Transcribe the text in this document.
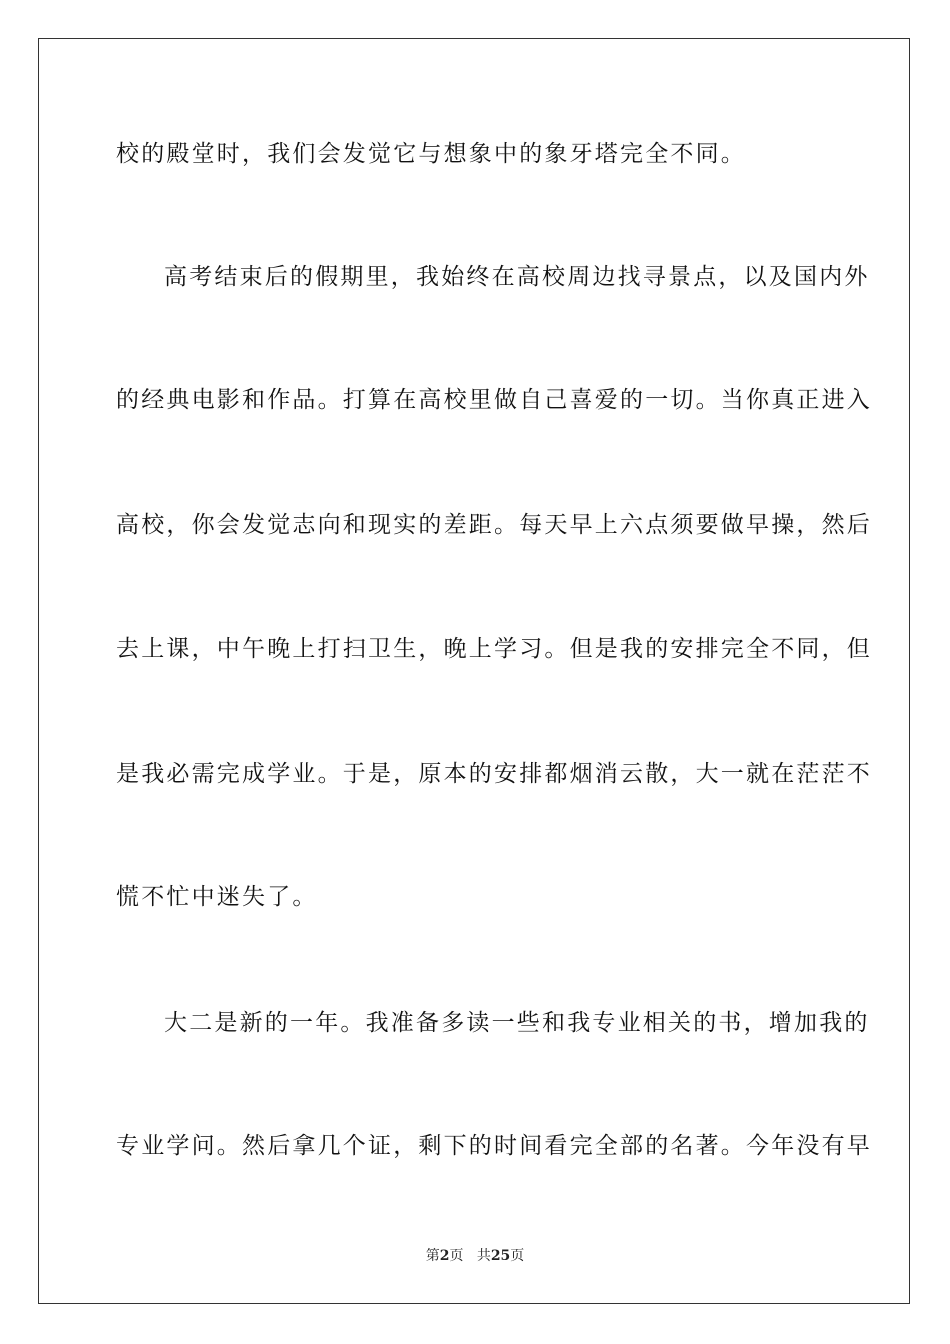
校的殿堂时，我们会发觉它与想象中的象牙塔完全不同。
高考结束后的假期里，我始终在高校周边找寻景点，以及国内外
的经典电影和作品。打算在高校里做自己喜爱的一切。当你真正进入
高校，你会发觉志向和现实的差距。每天早上六点须要做早操，然后
去上课，中午晚上打扫卫生，晚上学习。但是我的安排完全不同，但
是我必需完成学业。于是，原本的安排都烟消云散，大一就在茫茫不
慌不忙中迷失了。
大二是新的一年。我准备多读一些和我专业相关的书，增加我的
专业学问。然后拿几个证，剩下的时间看完全部的名著。今年没有早
第2页 共25页
